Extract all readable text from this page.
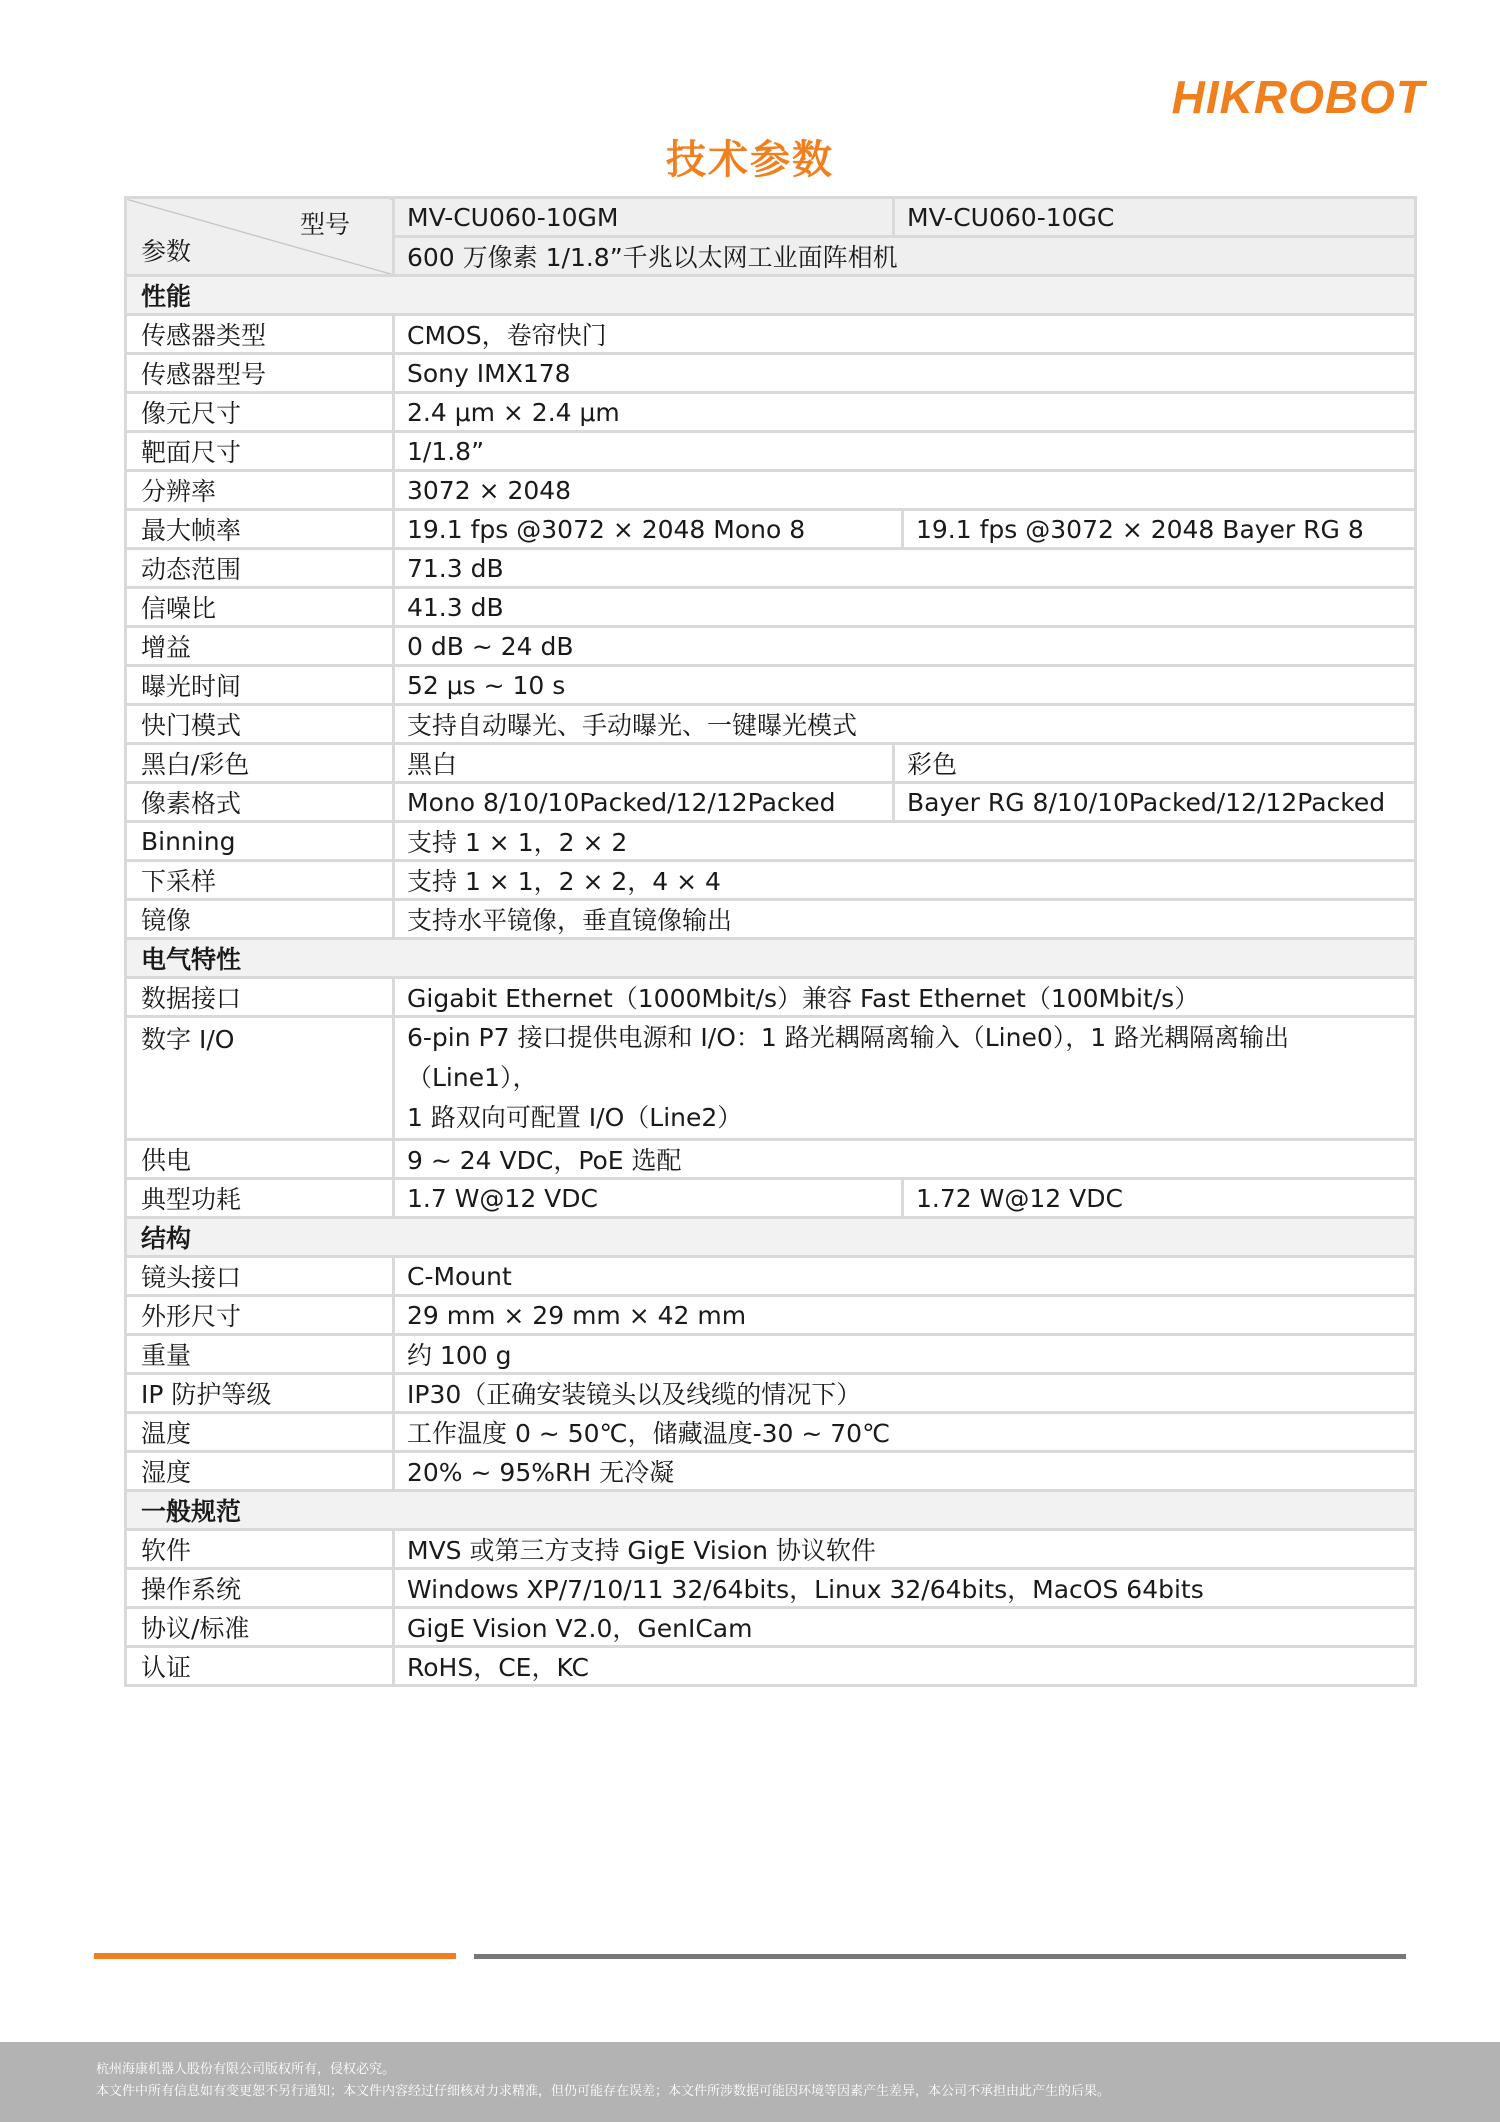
HIKROBOT
技术参数
型号
参数	MV-CU060-10GM	MV-CU060-10GC	
	600 万像素 1/1.8”千兆以太网工业面阵相机		
性能			
传感器类型	CMOS，卷帘快门		
传感器型号	Sony IMX178		
像元尺寸	2.4 μm × 2.4 μm		
靶面尺寸	1/1.8”		
分辨率	3072 × 2048		
最大帧率	19.1 fps @3072 × 2048 Mono 8		19.1 fps @3072 × 2048 Bayer RG 8
动态范围	71.3 dB		
信噪比	41.3 dB		
增益	0 dB ~ 24 dB		
曝光时间	52 μs ~ 10 s		
快门模式	支持自动曝光、手动曝光、一键曝光模式		
黑白/彩色	黑白	彩色	
像素格式	Mono 8/10/10Packed/12/12Packed	Bayer RG 8/10/10Packed/12/12Packed	
Binning	支持 1 × 1，2 × 2		
下采样	支持 1 × 1，2 × 2，4 × 4		
镜像	支持水平镜像，垂直镜像输出		
电气特性			
数据接口	Gigabit Ethernet（1000Mbit/s）兼容 Fast Ethernet（100Mbit/s）		
数字 I/O	6-pin P7 接口提供电源和 I/O：1 路光耦隔离输入（Line0），1 路光耦隔离输出（Line1），
1 路双向可配置 I/O（Line2）		

供电	9 ~ 24 VDC，PoE 选配		
典型功耗	1.7 W@12 VDC		1.72 W@12 VDC
结构			
镜头接口	C-Mount		
外形尺寸	29 mm × 29 mm × 42 mm		
重量	约 100 g		
IP 防护等级	IP30（正确安装镜头以及线缆的情况下）		
温度	工作温度 0 ~ 50℃，储藏温度-30 ~ 70℃		
湿度	20% ~ 95%RH 无冷凝		
一般规范			
软件	MVS 或第三方支持 GigE Vision 协议软件		
操作系统	Windows XP/7/10/11 32/64bits，Linux 32/64bits，MacOS 64bits		
协议/标准	GigE Vision V2.0，GenICam		
认证	RoHS，CE，KC		
杭州海康机器人股份有限公司版权所有，侵权必究。
本文件中所有信息如有变更恕不另行通知；本文件内容经过仔细核对力求精准，但仍可能存在误差；本文件所涉数据可能因环境等因素产生差异，本公司不承担由此产生的后果。
